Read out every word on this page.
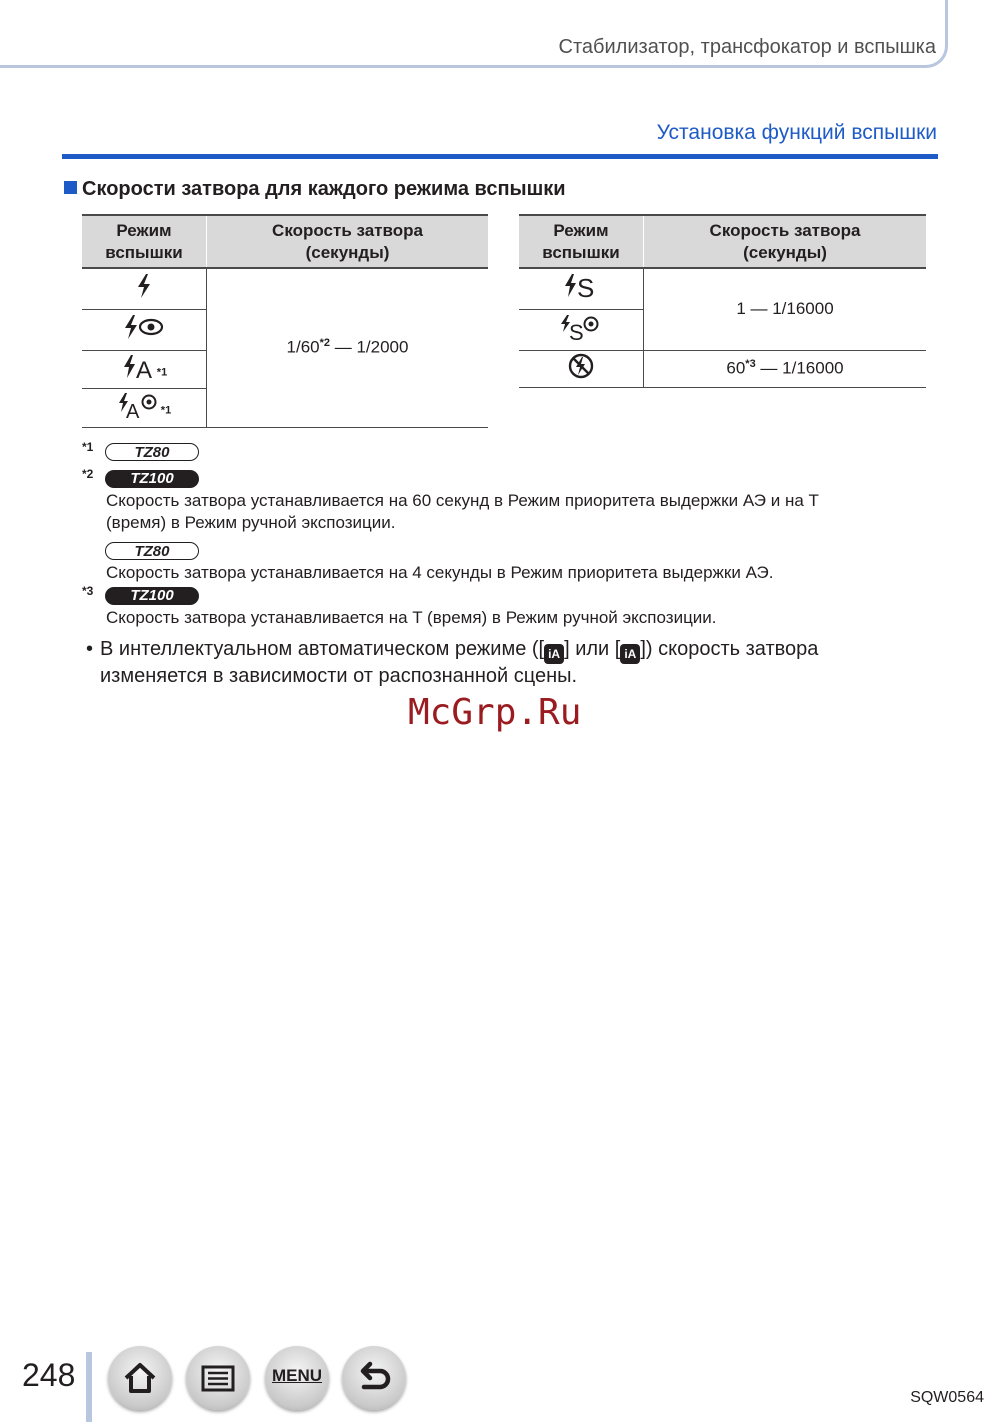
Стабилизатор, трансфокатор и вспышка
Установка функций вспышки
Скорости затвора для каждого режима вспышки
Режим
вспышки	Скорость затвора
(секунды)
	1/60$^{*2}$ — 1/2000

A $^{*1}$

A $^{*1}$
Режим
вспышки	Скорость затвора
(секунды)

S	1 — 1/16000

S	

	60$^{*3}$ — 1/16000
*1	TZ80
*2	TZ100
Скорость затвора устанавливается на 60 секунд в Режим приоритета выдержки АЭ и на T
(время) в Режим ручной экспозиции.
TZ80
Скорость затвора устанавливается на 4 секунды в Режим приоритета выдержки АЭ.
*3	TZ100
Скорость затвора устанавливается на T (время) в Режим ручной экспозиции.
• В интеллектуальном автоматическом режиме ([ iA ] или [ iA ]) скорость затвора
изменяется в зависимости от распознанной сцены.
McGrp.Ru
248	MENU
SQW0564
